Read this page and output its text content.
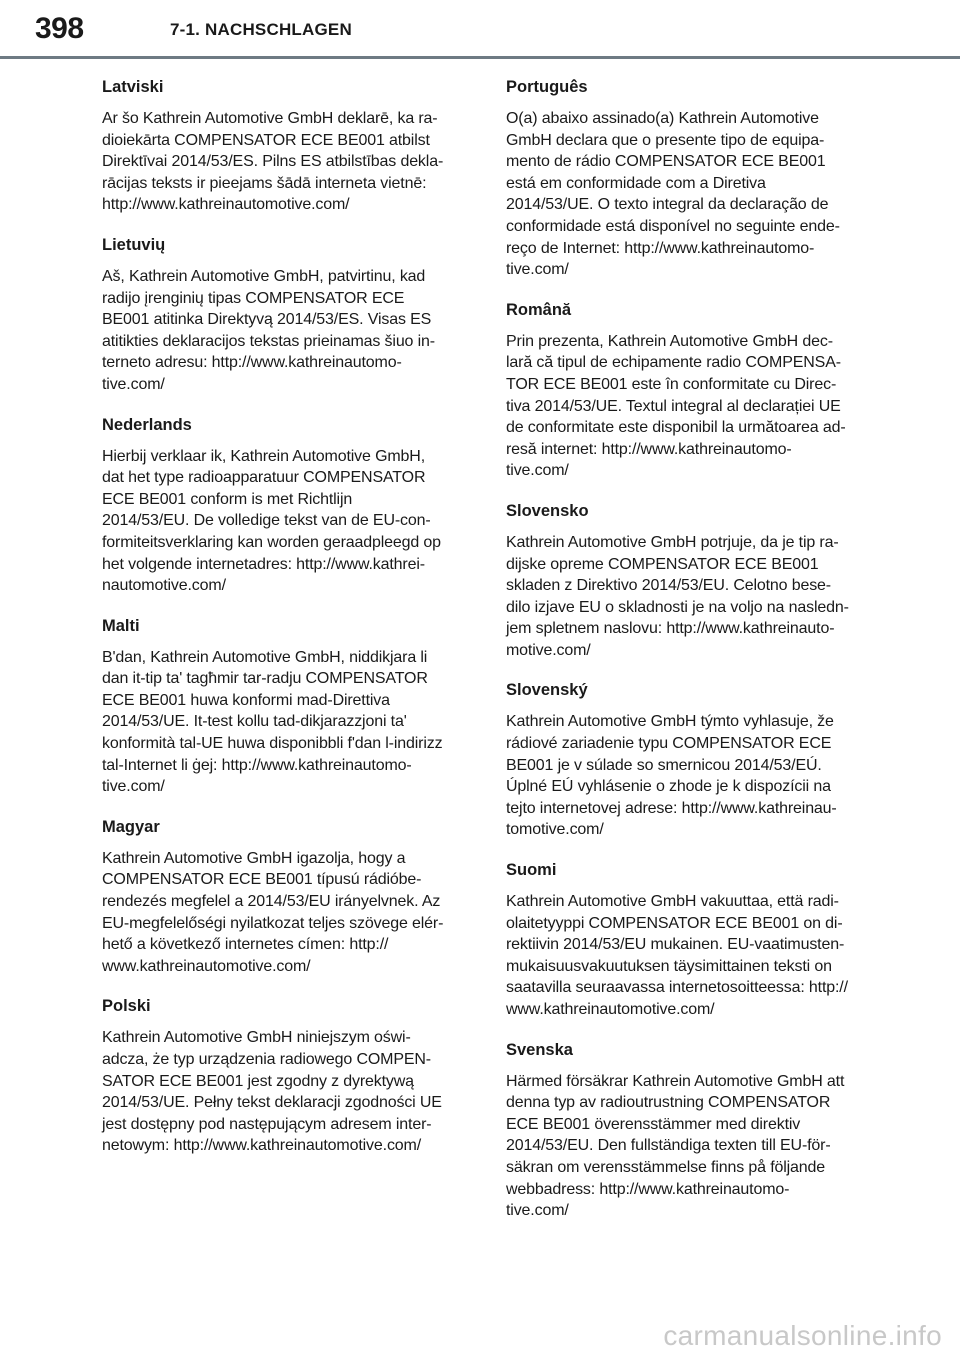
398	7-1. NACHSCHLAGEN
Latviski

Ar šo Kathrein Automotive GmbH deklarē, ka ra-
dioiekārta COMPENSATOR ECE BE001 atbilst
Direktīvai 2014/53/ES. Pilns ES atbilstības dekla-
rācijas teksts ir pieejams šādā interneta vietnē:
http://www.kathreinautomotive.com/

Lietuvių

Aš, Kathrein Automotive GmbH, patvirtinu, kad
radijo įrenginių tipas COMPENSATOR ECE
BE001 atitinka Direktyvą 2014/53/ES. Visas ES
atitikties deklaracijos tekstas prieinamas šiuo in-
terneto adresu: http://www.kathreinautomo-
tive.com/

Nederlands

Hierbij verklaar ik, Kathrein Automotive GmbH,
dat het type radioapparatuur COMPENSATOR
ECE BE001 conform is met Richtlijn
2014/53/EU. De volledige tekst van de EU-con-
formiteitsverklaring kan worden geraadpleegd op
het volgende internetadres: http://www.kathrei-
nautomotive.com/

Malti

B'dan, Kathrein Automotive GmbH, niddikjara li
dan it-tip ta' tagħmir tar-radju COMPENSATOR
ECE BE001 huwa konformi mad-Direttiva
2014/53/UE. It-test kollu tad-dikjarazzjoni ta'
konformità tal-UE huwa disponibbli f'dan l-indirizz
tal-Internet li ġej: http://www.kathreinautomo-
tive.com/

Magyar

Kathrein Automotive GmbH igazolja, hogy a
COMPENSATOR ECE BE001 típusú rádióbe-
rendezés megfelel a 2014/53/EU irányelvnek. Az
EU-megfelelőségi nyilatkozat teljes szövege elér-
hető a következő internetes címen: http://
www.kathreinautomotive.com/

Polski

Kathrein Automotive GmbH niniejszym oświ-
adcza, że typ urządzenia radiowego COMPEN-
SATOR ECE BE001 jest zgodny z dyrektywą
2014/53/UE. Pełny tekst deklaracji zgodności UE
jest dostępny pod następującym adresem inter-
netowym: http://www.kathreinautomotive.com/

Português

O(a) abaixo assinado(a) Kathrein Automotive
GmbH declara que o presente tipo de equipa-
mento de rádio COMPENSATOR ECE BE001
está em conformidade com a Diretiva
2014/53/UE. O texto integral da declaração de
conformidade está disponível no seguinte ende-
reço de Internet: http://www.kathreinautomo-
tive.com/

Română

Prin prezenta, Kathrein Automotive GmbH dec-
lară că tipul de echipamente radio COMPENSA-
TOR ECE BE001 este în conformitate cu Direc-
tiva 2014/53/UE. Textul integral al declarației UE
de conformitate este disponibil la următoarea ad-
resă internet: http://www.kathreinautomo-
tive.com/

Slovensko

Kathrein Automotive GmbH potrjuje, da je tip ra-
dijske opreme COMPENSATOR ECE BE001
skladen z Direktivo 2014/53/EU. Celotno bese-
dilo izjave EU o skladnosti je na voljo na nasledn-
jem spletnem naslovu: http://www.kathreinauto-
motive.com/

Slovenský

Kathrein Automotive GmbH týmto vyhlasuje, že
rádiové zariadenie typu COMPENSATOR ECE
BE001 je v súlade so smernicou 2014/53/EÚ.
Úplné EÚ vyhlásenie o zhode je k dispozícii na
tejto internetovej adrese: http://www.kathreinau-
tomotive.com/

Suomi

Kathrein Automotive GmbH vakuuttaa, että radi-
olaitetyyppi COMPENSATOR ECE BE001 on di-
rektiivin 2014/53/EU mukainen. EU-vaatimusten-
mukaisuusvakuutuksen täysimittainen teksti on
saatavilla seuraavassa internetosoitteessa: http://
www.kathreinautomotive.com/

Svenska

Härmed försäkrar Kathrein Automotive GmbH att
denna typ av radioutrustning COMPENSATOR
ECE BE001 överensstämmer med direktiv
2014/53/EU. Den fullständiga texten till EU-för-
säkran om verensstämmelse finns på följande
webbadress: http://www.kathreinautomo-
tive.com/

carmanualsonline.info
